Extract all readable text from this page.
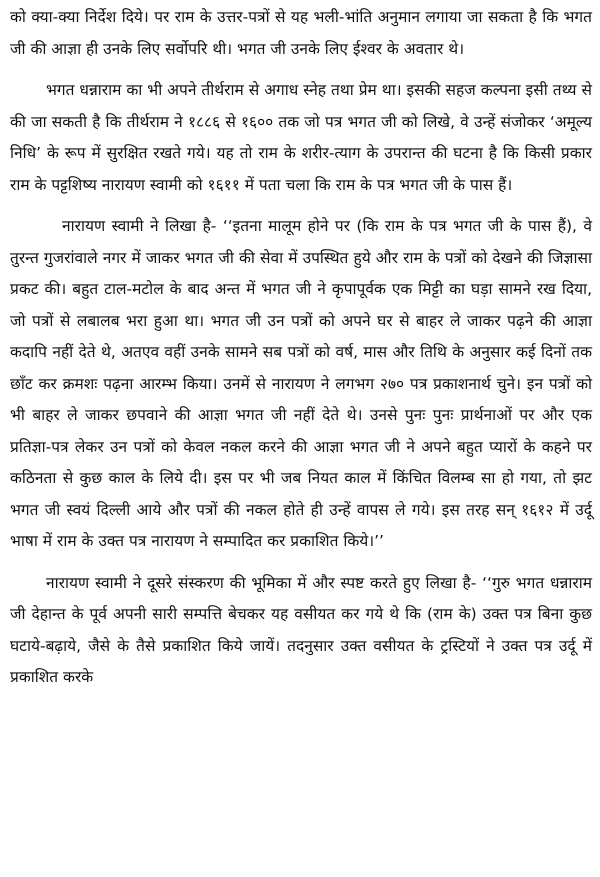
को क्या-क्या निर्देश दिये। पर राम के उत्तर-पत्रों से यह भली-भांति अनुमान लगाया जा सकता है कि भगत जी की आज्ञा ही उनके लिए सर्वोपरि थी। भगत जी उनके लिए ईश्वर के अवतार थे।

भगत धन्नाराम का भी अपने तीर्थराम से अगाध स्नेह तथा प्रेम था। इसकी सहज कल्पना इसी तथ्य से की जा सकती है कि तीर्थराम ने १८८६ से १६०० तक जो पत्र भगत जी को लिखे, वे उन्हें संजोकर ‘अमूल्य निधि’ के रूप में सुरक्षित रखते गये। यह तो राम के शरीर-त्याग के उपरान्त की घटना है कि किसी प्रकार राम के पट्टशिष्य नारायण स्वामी को १६११ में पता चला कि राम के पत्र भगत जी के पास हैं।

नारायण स्वामी ने लिखा है- ‘‘इतना मालूम होने पर (कि राम के पत्र भगत जी के पास हैं), वे तुरन्त गुजरांवाले नगर में जाकर भगत जी की सेवा में उपस्थित हुये और राम के पत्रों को देखने की जिज्ञासा प्रकट की। बहुत टाल-मटोल के बाद अन्त में भगत जी ने कृपापूर्वक एक मिट्टी का घड़ा सामने रख दिया, जो पत्रों से लबालब भरा हुआ था। भगत जी उन पत्रों को अपने घर से बाहर ले जाकर पढ़ने की आज्ञा कदापि नहीं देते थे, अतएव वहीं उनके सामने सब पत्रों को वर्ष, मास और तिथि के अनुसार कई दिनों तक छाँट कर क्रमशः पढ़ना आरम्भ किया। उनमें से नारायण ने लगभग २७० पत्र प्रकाशनार्थ चुने। इन पत्रों को भी बाहर ले जाकर छपवाने की आज्ञा भगत जी नहीं देते थे। उनसे पुनः पुनः प्रार्थनाओं पर और एक प्रतिज्ञा-पत्र लेकर उन पत्रों को केवल नकल करने की आज्ञा भगत जी ने अपने बहुत प्यारों के कहने पर कठिनता से कुछ काल के लिये दी। इस पर भी जब नियत काल में किंचित विलम्ब सा हो गया, तो झट भगत जी स्वयं दिल्ली आये और पत्रों की नकल होते ही उन्हें वापस ले गये। इस तरह सन् १६१२ में उर्दू भाषा में राम के उक्त पत्र नारायण ने सम्पादित कर प्रकाशित किये।’’

नारायण स्वामी ने दूसरे संस्करण की भूमिका में और स्पष्ट करते हुए लिखा है- ‘‘गुरु भगत धन्नाराम जी देहान्त के पूर्व अपनी सारी सम्पत्ति बेचकर यह वसीयत कर गये थे कि (राम के) उक्त पत्र बिना कुछ घटाये-बढ़ाये, जैसे के तैसे प्रकाशित किये जायें। तदनुसार उक्त वसीयत के ट्रस्टियों ने उक्त पत्र उर्दू में प्रकाशित करके
